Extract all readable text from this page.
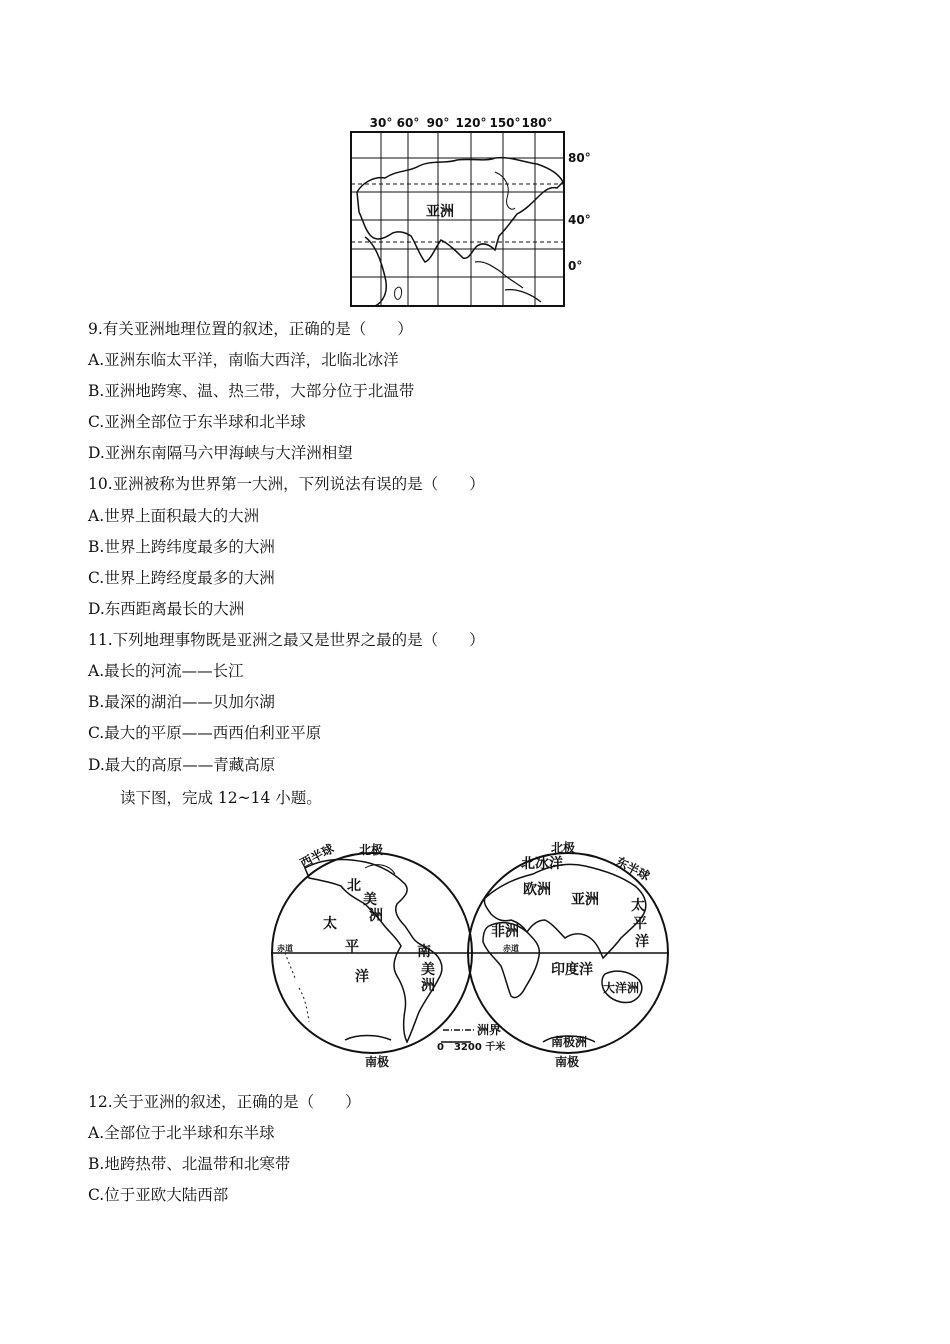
30° 60° 90° 120° 150° 180°
80°
40°
0°
亚洲
9.有关亚洲地理位置的叙述，正确的是（　　）
A.亚洲东临太平洋，南临大西洋，北临北冰洋
B.亚洲地跨寒、温、热三带，大部分位于北温带
C.亚洲全部位于东半球和北半球
D.亚洲东南隔马六甲海峡与大洋洲相望
10.亚洲被称为世界第一大洲，下列说法有误的是（　　）
A.世界上面积最大的大洲
B.世界上跨纬度最多的大洲
C.世界上跨经度最多的大洲
D.东西距离最长的大洲
11.下列地理事物既是亚洲之最又是世界之最的是（　　）
A.最长的河流——长江
B.最深的湖泊——贝加尔湖
C.最大的平原——西西伯利亚平原
D.最大的高原——青藏高原
读下图，完成 12~14 小题。
西半球 北极
南极
北
美
洲
太
平
洋
南
美
洲
赤道	赤道
北极
南极
东半球
北冰洋
欧洲
亚洲
非洲
印度洋
大洋洲
南极洲
太
平
洋
洲界
0　3200 千米
12.关于亚洲的叙述，正确的是（　　）
A.全部位于北半球和东半球
B.地跨热带、北温带和北寒带
C.位于亚欧大陆西部
